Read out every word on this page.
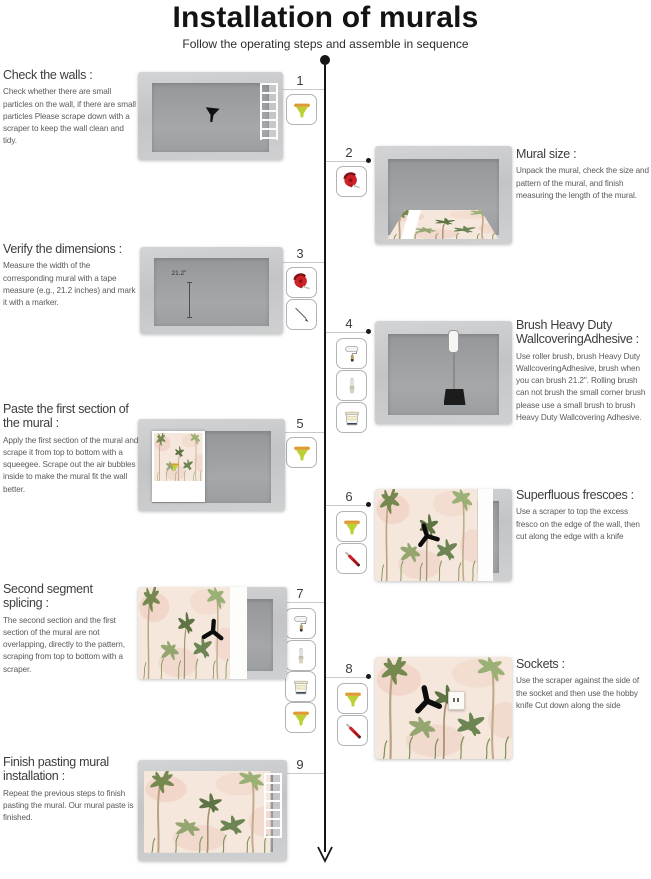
Installation of murals
Follow the operating steps and assemble in sequence
Check the walls :
Check whether there are small particles on the wall, if there are small particles Please scrape down with a scraper to keep the wall clean and tidy.
1
2	Mural size :
Unpack the mural, check the size and pattern of the mural, and finish measuring the length of the mural.
Verify the dimensions :
Measure the width of the corresponding mural with a tape measure (e.g., 21.2 inches) and mark it with a marker.
3
21.2"
4	Brush Heavy Duty WallcoveringAdhesive :
Use roller brush, brush Heavy Duty WallcoveringAdhesive, brush when you can brush 21.2". Rolling brush can not brush the small corner brush please use a small brush to brush Heavy Duty Wallcovering Adhesive.
Paste the first section of the mural :
Apply the first section of the mural and scrape it from top to bottom with a squeegee. Scrape out the air bubbles inside to make the mural fit the wall better.
5
6	Superfluous frescoes :
Use a scraper to top the excess fresco on the edge of the wall, then cut along the edge with a knife
Second segment splicing :
The second section and the first section of the mural are not overlapping, directly to the pattern, scraping from top to bottom with a scraper.
7
8	Sockets :
Use the scraper against the side of the socket and then use the hobby knife Cut down along the side
Finish pasting mural installation :
Repeat the previous steps to finish pasting the mural. Our mural paste is finished.
9
